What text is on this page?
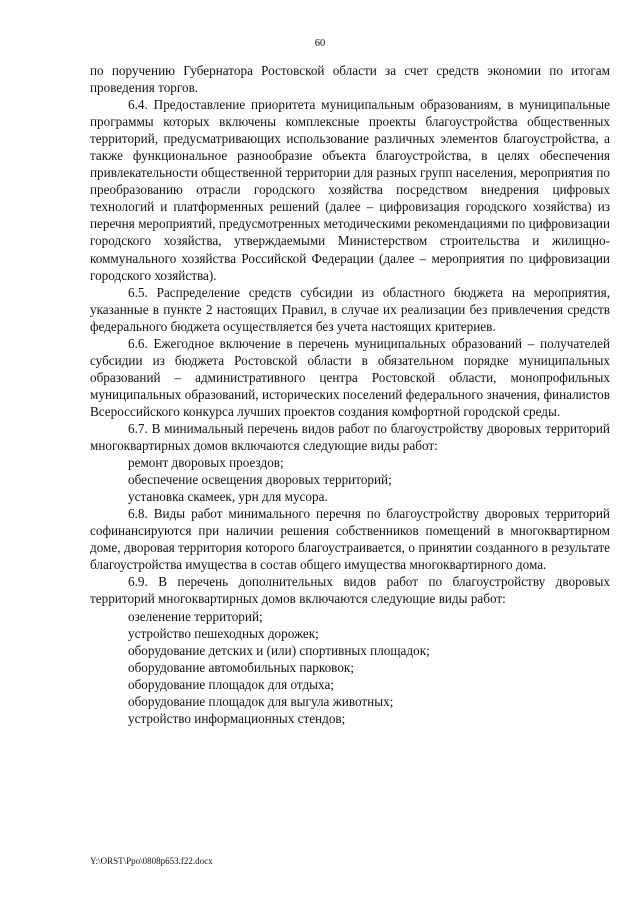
60

по поручению Губернатора Ростовской области за счет средств экономии по итогам проведения торгов.

6.4. Предоставление приоритета муниципальным образованиям, в муниципальные программы которых включены комплексные проекты благоустройства общественных территорий, предусматривающих использование различных элементов благоустройства, а также функциональное разнообразие объекта благоустройства, в целях обеспечения привлекательности общественной территории для разных групп населения, мероприятия по преобразованию отрасли городского хозяйства посредством внедрения цифровых технологий и платформенных решений (далее – цифровизация городского хозяйства) из перечня мероприятий, предусмотренных методическими рекомендациями по цифровизации городского хозяйства, утверждаемыми Министерством строительства и жилищно-коммунального хозяйства Российской Федерации (далее – мероприятия по цифровизации городского хозяйства).

6.5. Распределение средств субсидии из областного бюджета на мероприятия, указанные в пункте 2 настоящих Правил, в случае их реализации без привлечения средств федерального бюджета осуществляется без учета настоящих критериев.

6.6. Ежегодное включение в перечень муниципальных образований – получателей субсидии из бюджета Ростовской области в обязательном порядке муниципальных образований – административного центра Ростовской области, монопрофильных муниципальных образований, исторических поселений федерального значения, финалистов Всероссийского конкурса лучших проектов создания комфортной городской среды.

6.7. В минимальный перечень видов работ по благоустройству дворовых территорий многоквартирных домов включаются следующие виды работ:

ремонт дворовых проездов;

обеспечение освещения дворовых территорий;

установка скамеек, урн для мусора.

6.8. Виды работ минимального перечня по благоустройству дворовых территорий софинансируются при наличии решения собственников помещений в многоквартирном доме, дворовая территория которого благоустраивается, о принятии созданного в результате благоустройства имущества в состав общего имущества многоквартирного дома.

6.9. В перечень дополнительных видов работ по благоустройству дворовых территорий многоквартирных домов включаются следующие виды работ:

озеленение территорий;

устройство пешеходных дорожек;

оборудование детских и (или) спортивных площадок;

оборудование автомобильных парковок;

оборудование площадок для отдыха;

оборудование площадок для выгула животных;

устройство информационных стендов;

Y:\ORST\Ppo\0808p653.f22.docx
